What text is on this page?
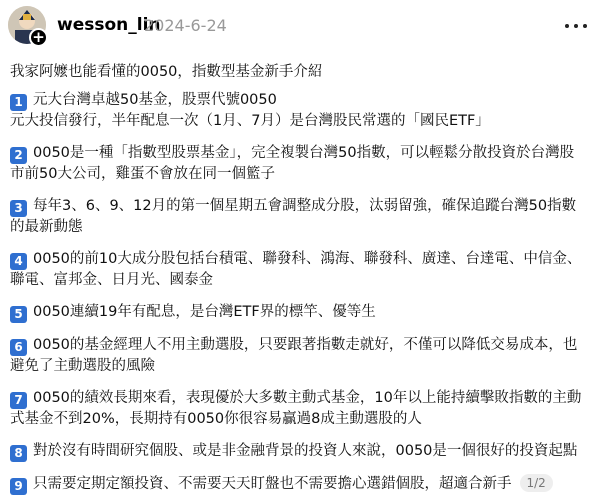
+
wesson_lin
2024-6-24
我家阿嬤也能看懂的0050，指數型基金新手介紹

1 元大台灣卓越50基金，股票代號0050

元大投信發行，半年配息一次（1月、7月）是台灣股民常選的「國民ETF」

2 0050是一種「指數型股票基金」，完全複製台灣50指數，可以輕鬆分散投資於台灣股

市前50大公司，雞蛋不會放在同一個籃子

3 每年3、6、9、12月的第一個星期五會調整成分股，汰弱留強，確保追蹤台灣50指數

的最新動態

4 0050的前10大成分股包括台積電、聯發科、鴻海、聯發科、廣達、台達電、中信金、

聯電、富邦金、日月光、國泰金

5 0050連續19年有配息，是台灣ETF界的標竿、優等生

6 0050的基金經理人不用主動選股，只要跟著指數走就好，不僅可以降低交易成本，也

避免了主動選股的風險

7 0050的績效長期來看，表現優於大多數主動式基金，10年以上能持續擊敗指數的主動

式基金不到20%，長期持有0050你很容易贏過8成主動選股的人

8 對於沒有時間研究個股、或是非金融背景的投資人來說，0050是一個很好的投資起點

9 只需要定期定額投資、不需要天天盯盤也不需要擔心選錯個股，超適合新手 1/2
